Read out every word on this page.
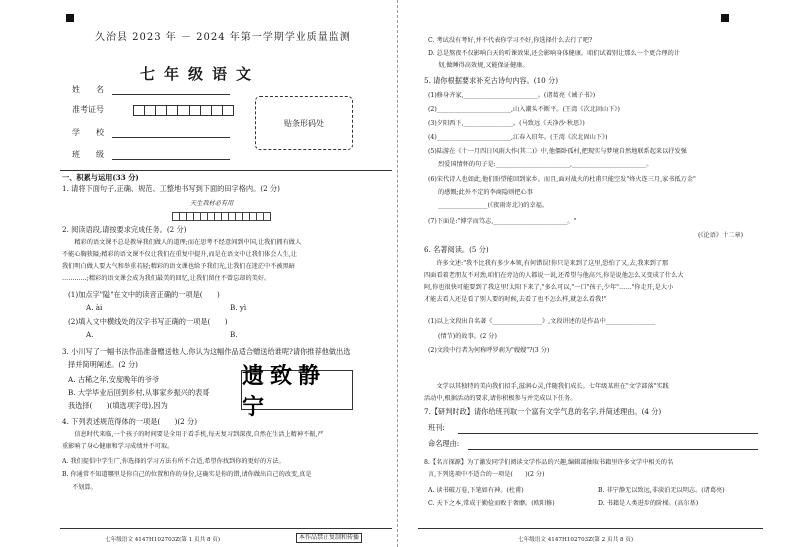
久治县 2023 年 － 2024 年第一学期学业质量监测
七年级语文
姓　　名
准考证号
学　　校
班　　级
贴条形码处
一、积累与运用(33 分)
1. 请将下面句子,正确、规范、工整地书写到下面的田字格内。(2 分)
天生我材必有用
2. 阅读语段,请按要求完成任务。(2 分)
　　精彩的语文课不总是教导我们做人的道理;而在思考不经意间到中国,让我们拥有做人
不能心胸狭隘;精彩的语文课不仅让我们在重复中提升,而是在语文中让我们体会人生,让
我们明白做人要大气和举重若轻;精彩的语文课也给予我们光,让我们在迷茫中不被黑暗
…………;精彩的语文课会成为我们最美的回忆,让我们留住不曾忘却的美好。
(1)加点字"隘"在文中的读音正确的一项是(　　)
A. ài	B. yì
(2)填入文中横线处的汉字书写正确的一项是(　　)
A.	B.
3. 小川写了一幅书法作品准备赠送他人,你认为这幅作品适合赠送给谁呢?请你推荐他做出选
择并简明阐述。(2 分)
A. 古稀之年,安度晚年的爷爷
B. 大学毕业后回到乡村,从事家乡振兴的表哥
我选择(　　)(填选项字母),因为
遗致静宁
4. 下列表述规范得体的一项是(　　)(2 分)
　　信息时代来临,一个孩子的时间要是全用于看手机,每天复习到深夜,自然在生活上精神不振,严
重影响了身心健康和学习成绩并不可取。
A. 我们提倡中学生广,你选择的学习方法有所不合适,希望你找到你的更好的方法。
B. 你通常不知道哪里是你自己的位置和你的身份,这确实是你的错,请你做出自己的改变,真是
不划算。
七年级语文 4147H102703Z(第 1 页共 8 页)	本作品禁止复制和传播
C. 考试没有考好,并不代表你学习不好,你选择什么去行了吧?
D. 总是熬夜不仅影响白天的听课效果,还会影响身体健康。咱们试着别让那么一个更合理的计
划,做睡得高效规,又能保证健康。
5. 请你根据要求补充古诗句内容。(10 分)
(1)修身齐家,________________________。(诸葛亮《诫子书》)
(2)________________________,山入潮头不断平。(王湾《次北固山下》)
(3)夕阳西下,________________。(马致远《天净沙·秋思》)
(4)________________________,江春入旧年。(王湾《次北固山下》)
(5)陆游在《十一月四日风雨大作(其二)》中,他僵卧孤村,把现实与梦境自然地联系起来以抒发强
烈爱国情怀的句子是:________________________,________________________。
(6)宋代诗人也如此,他们盼望能回到家乡。而且,面对战火的杜甫只能空发"烽火连三月,家书抵万金"
的感慨;此外不定的李商隐则把心事
________________(《夜雨寄北》)的幸福。
(7)下面是:"博学而笃志,________________________。"
(《论语》十二章)
6. 名著阅读。(5 分)
　　许多文述:"我不比我有多少本领,有何错误!你只是来到了这里,恐怕了又,去,我来到了那
四面看着老朋友不对劲,咱们在旁边的人都说一说,还希望与他高兴,你是说他怎么又变成了什么大
阿,你也很快可能要到了我这里!太阳下来了,"多么可以,"一口"孩子,少年"……"你走开,是大小
才能去看人还是看了别人要的时候,去看了也不怎么样,就怎么看我!"
(1)以上文段出自名著《________________》,文段讲述的是作品中________________
(情节)的故事。(2 分)
(2)文段中行者为何称呼罗刹为"嫂嫂"?(3 分)
　　文学以其独特的美向我们招手,滋润心灵,伴随我们成长。七年级某班在"文学部落"实践
活动中,根据活动的要求,请你积极参与并完成以下任务。
7.【研判时政】请你给班刊取一个富有文学气息的名字,并简述理由。(4 分)
班刊:
命名理由:
8.【名言探源】为了激发同学们阅读文学作品的兴趣,编辑部抽取书籍里许多文学中相关的名
言,下列选项中不适合的一项是(　　)(2 分)
A. 读书破万卷,下笔如有神。(杜甫)	B. 非宁静无以致远,非淡泊无以明志。(诸葛亮)
C. 天下之本,常成于勤俭而败于奢靡。(欧阳修)	D. 书籍是人类进步的阶梯。(高尔基)
七年级语文 4147H102703Z(第 2 页共 8 页)
